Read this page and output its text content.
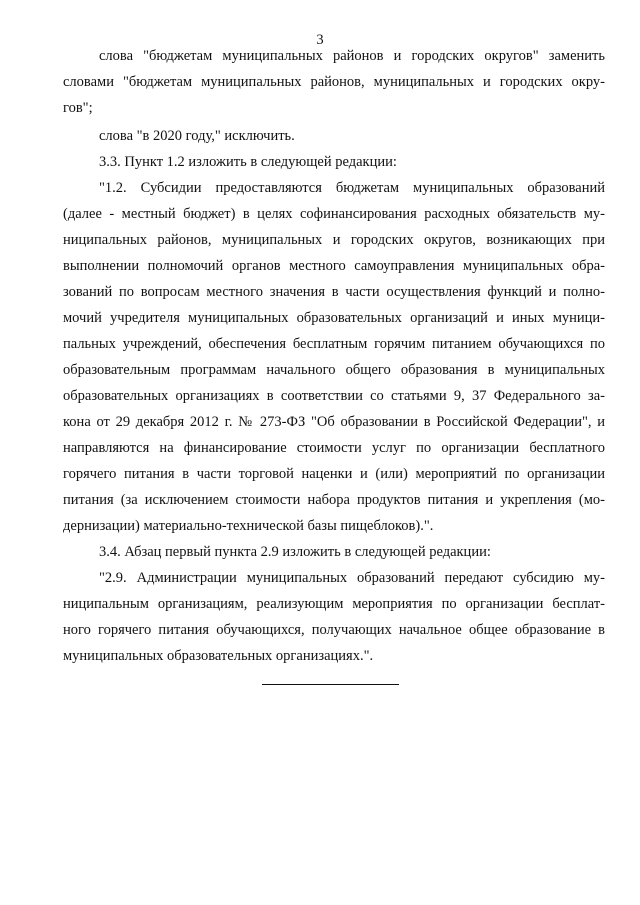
3
слова "бюджетам муниципальных районов и городских округов" заменить
словами "бюджетам муниципальных районов, муниципальных и городских окру-
гов";
слова "в 2020 году," исключить.
3.3. Пункт 1.2 изложить в следующей редакции:
"1.2. Субсидии предоставляются бюджетам муниципальных образований
(далее - местный бюджет) в целях софинансирования расходных обязательств му-
ниципальных районов, муниципальных и городских округов, возникающих при
выполнении полномочий органов местного самоуправления муниципальных обра-
зований по вопросам местного значения в части осуществления функций и полно-
мочий учредителя муниципальных образовательных организаций и иных муници-
пальных учреждений, обеспечения бесплатным горячим питанием обучающихся по
образовательным программам начального общего образования в муниципальных
образовательных организациях в соответствии со статьями 9, 37 Федерального за-
кона от 29 декабря 2012 г. № 273-ФЗ "Об образовании в Российской Федерации", и
направляются на финансирование стоимости услуг по организации бесплатного
горячего питания в части торговой наценки и (или) мероприятий по организации
питания (за исключением стоимости набора продуктов питания и укрепления (мо-
дернизации) материально-технической базы пищеблоков).".
3.4. Абзац первый пункта 2.9 изложить в следующей редакции:
"2.9. Администрации муниципальных образований передают субсидию му-
ниципальным организациям, реализующим мероприятия по организации бесплат-
ного горячего питания обучающихся, получающих начальное общее образование в
муниципальных образовательных организациях.".
